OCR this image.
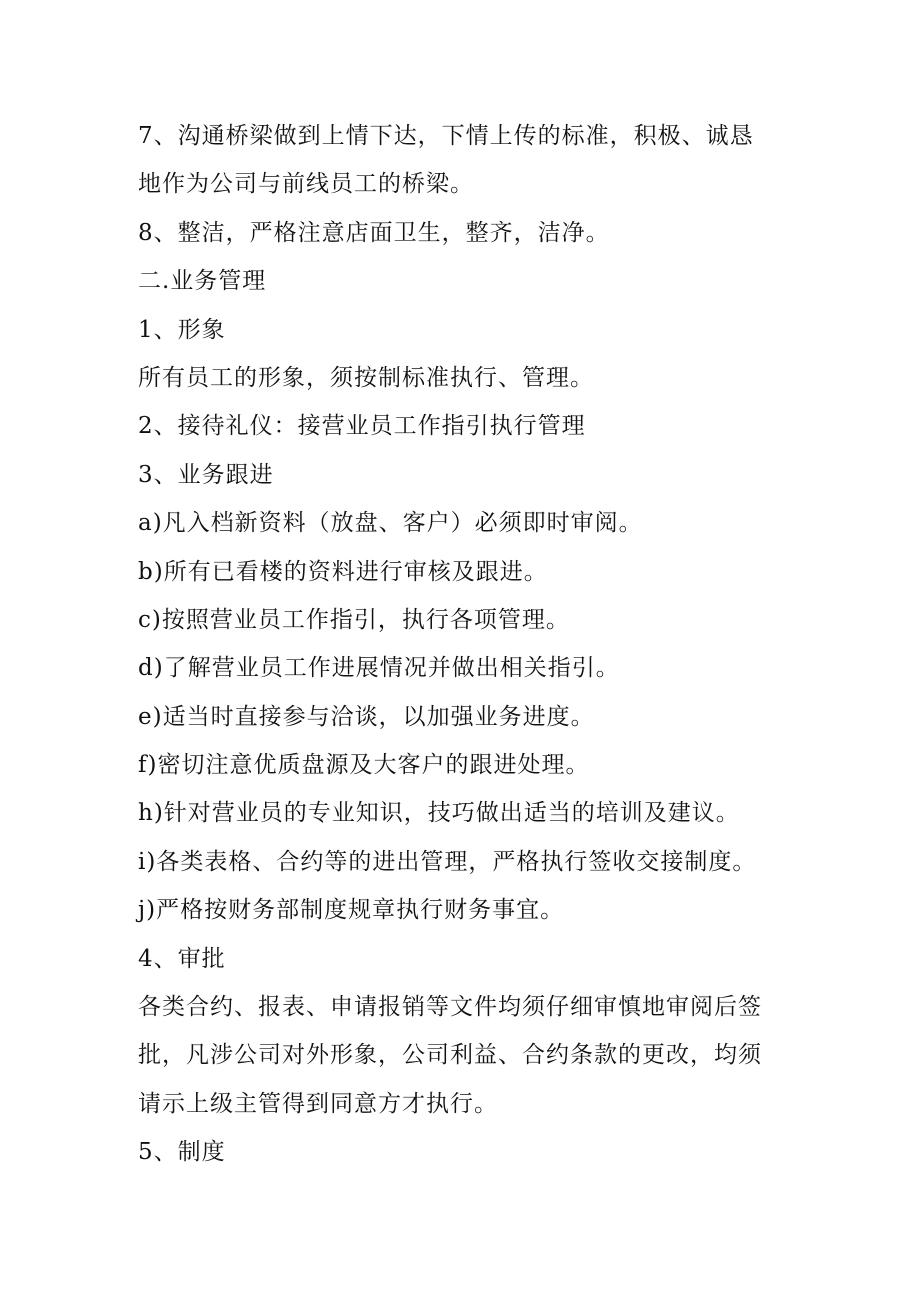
7、沟通桥梁做到上情下达，下情上传的标准，积极、诚恳

地作为公司与前线员工的桥梁。

8、整洁，严格注意店面卫生，整齐，洁净。

二.业务管理

1、形象

所有员工的形象，须按制标准执行、管理。

2、接待礼仪：接营业员工作指引执行管理

3、业务跟进

a)凡入档新资料（放盘、客户）必须即时审阅。

b)所有已看楼的资料进行审核及跟进。

c)按照营业员工作指引，执行各项管理。

d)了解营业员工作进展情况并做出相关指引。

e)适当时直接参与洽谈，以加强业务进度。

f)密切注意优质盘源及大客户的跟进处理。

h)针对营业员的专业知识，技巧做出适当的培训及建议。

i)各类表格、合约等的进出管理，严格执行签收交接制度。

j)严格按财务部制度规章执行财务事宜。

4、审批

各类合约、报表、申请报销等文件均须仔细审慎地审阅后签

批，凡涉公司对外形象，公司利益、合约条款的更改，均须

请示上级主管得到同意方才执行。

5、制度
